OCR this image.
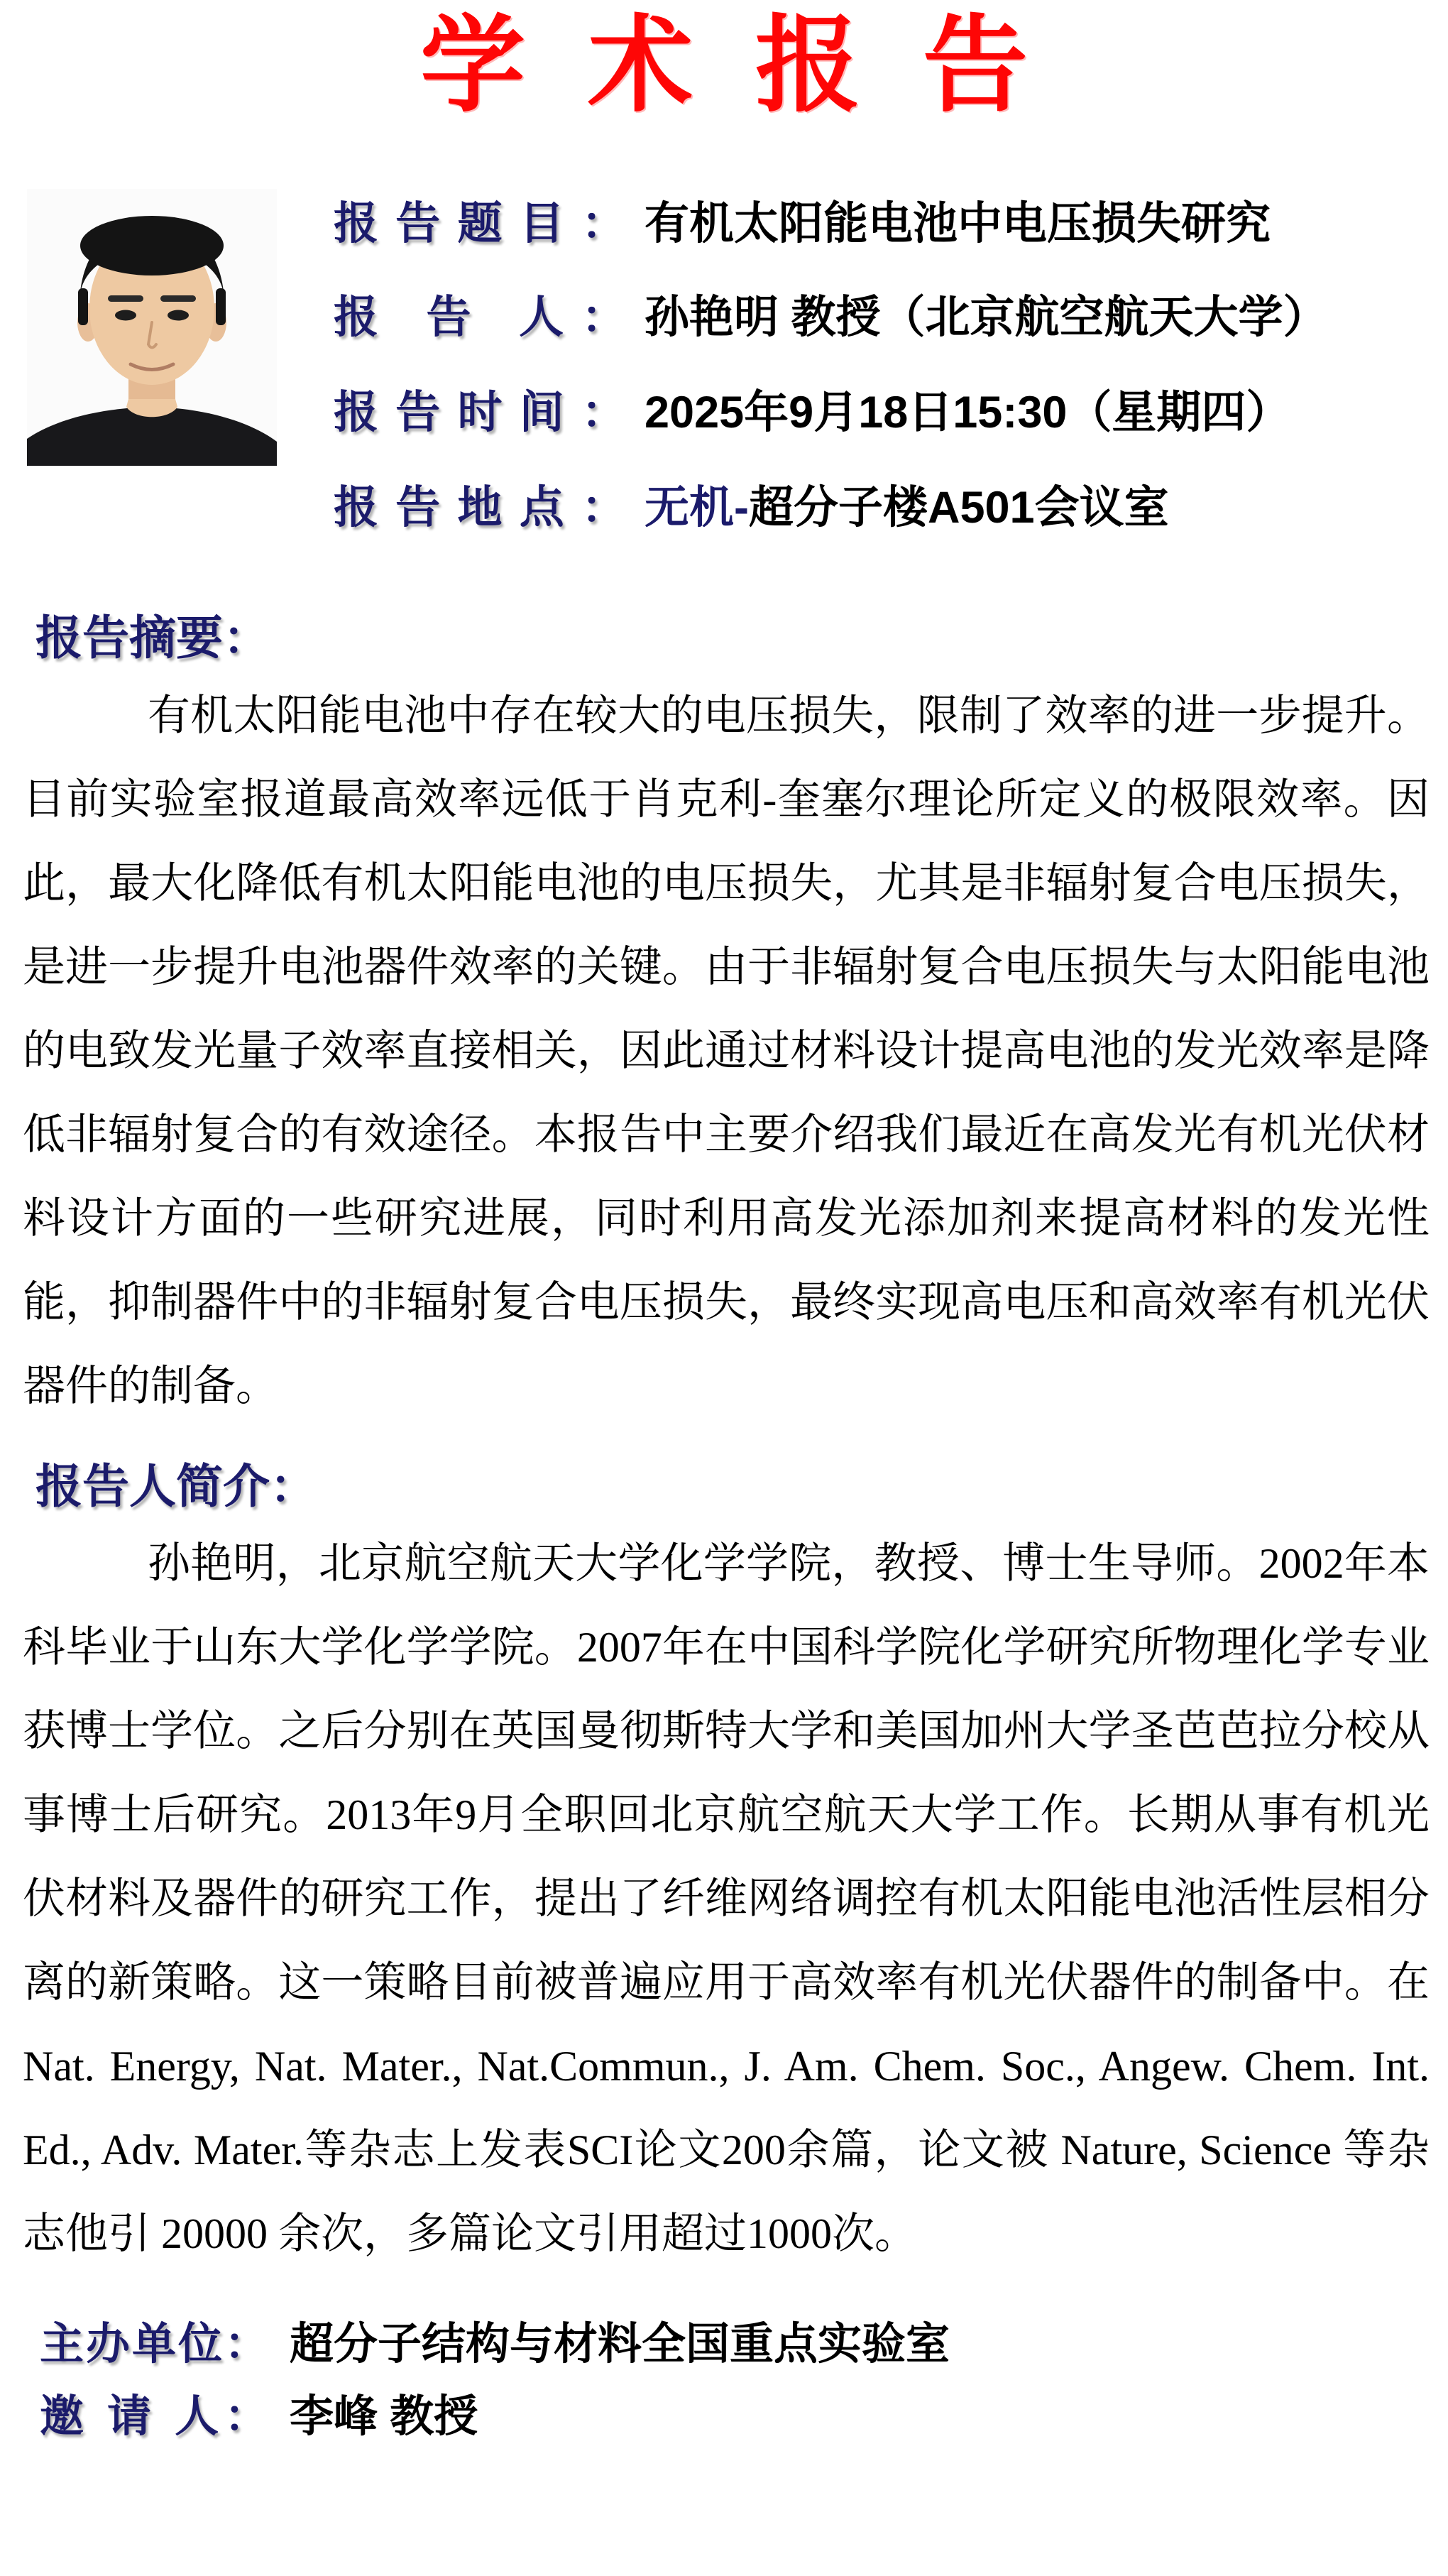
学术报告
报告题目： 有机太阳能电池中电压损失研究
报 告 人： 孙艳明 教授（北京航空航天大学）
报告时间： 2025年9月18日15:30（星期四）
报告地点： 无机-超分子楼A501会议室
报告摘要：
有机太阳能电池中存在较大的电压损失，限制了效率的进一步提升。目前实验室报道最高效率远低于肖克利-奎塞尔理论所定义的极限效率。因此，最大化降低有机太阳能电池的电压损失，尤其是非辐射复合电压损失，是进一步提升电池器件效率的关键。由于非辐射复合电压损失与太阳能电池的电致发光量子效率直接相关，因此通过材料设计提高电池的发光效率是降低非辐射复合的有效途径。本报告中主要介绍我们最近在高发光有机光伏材料设计方面的一些研究进展，同时利用高发光添加剂来提高材料的发光性能，抑制器件中的非辐射复合电压损失，最终实现高电压和高效率有机光伏器件的制备。
报告人简介：
孙艳明，北京航空航天大学化学学院，教授、博士生导师。2002年本科毕业于山东大学化学学院。2007年在中国科学院化学研究所物理化学专业获博士学位。之后分别在英国曼彻斯特大学和美国加州大学圣芭芭拉分校从事博士后研究。2013年9月全职回北京航空航天大学工作。长期从事有机光伏材料及器件的研究工作，提出了纤维网络调控有机太阳能电池活性层相分离的新策略。这一策略目前被普遍应用于高效率有机光伏器件的制备中。在 Nat. Energy, Nat. Mater., Nat.Commun., J. Am. Chem. Soc., Angew. Chem. Int. Ed., Adv. Mater.等杂志上发表SCI论文200余篇，论文被 Nature, Science 等杂志他引 20000 余次，多篇论文引用超过1000次。
主办单位： 超分子结构与材料全国重点实验室
邀 请 人： 李峰 教授
